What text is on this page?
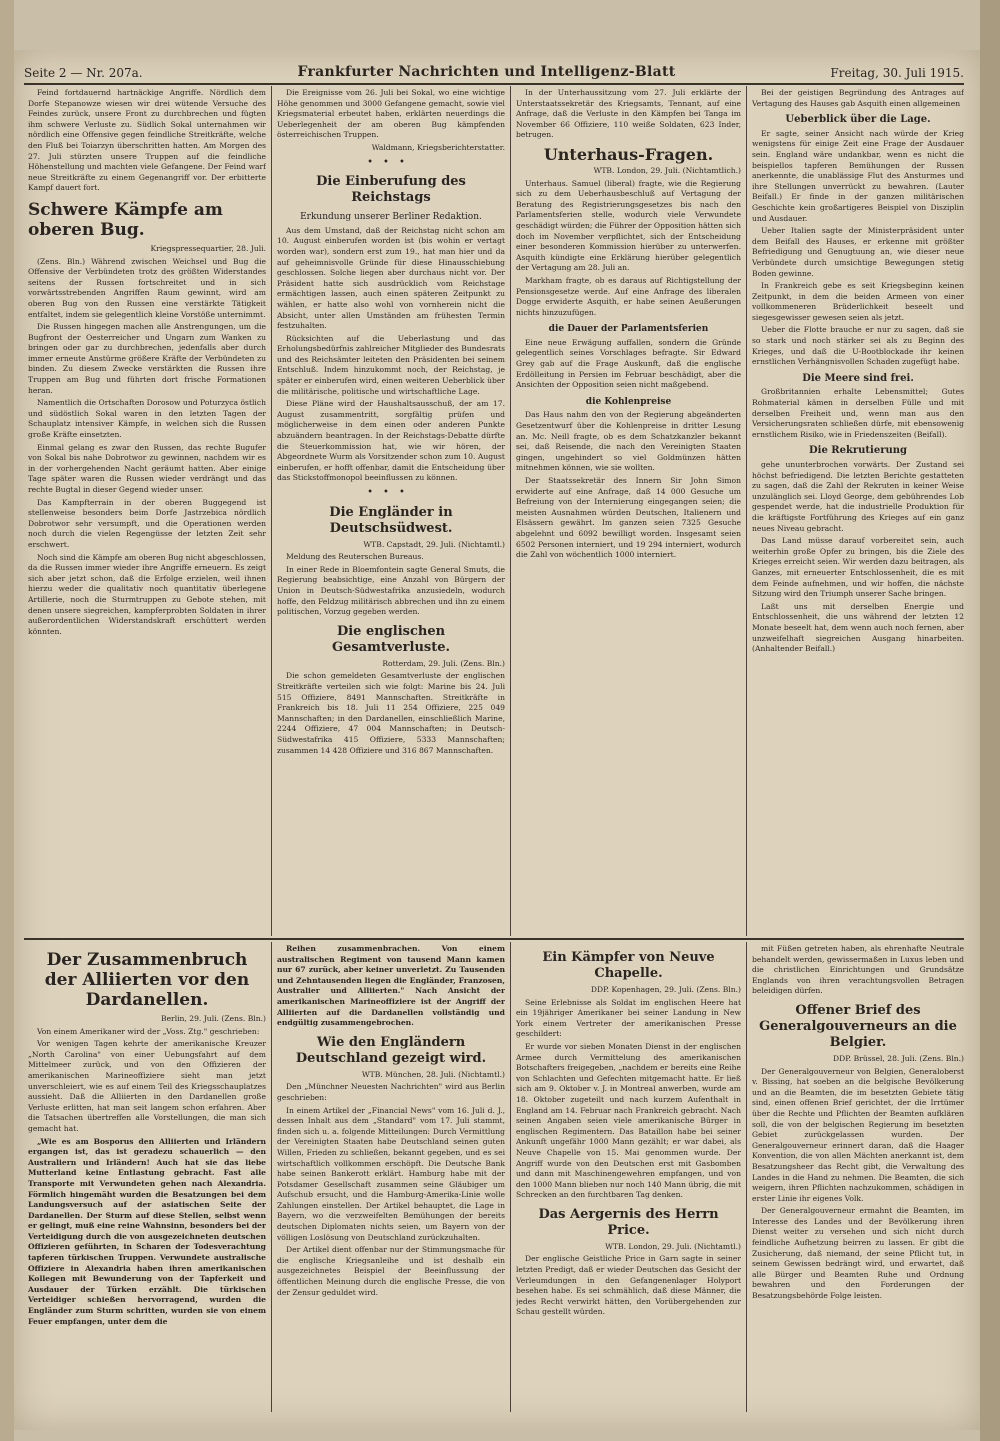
Seite 2 — Nr. 207a.	Frankfurter Nachrichten und Intelligenz-Blatt	Freitag, 30. Juli 1915.

Feind fortdauernd hartnäckige Angriffe. Nördlich dem Dorfe Stepanowze wiesen wir drei wütende Versuche des Feindes zurück, unsere Front zu durchbrechen und fügten ihm schwere Verluste zu. Südlich Sokal unternahmen wir nördlich eine Offensive gegen feindliche Streitkräfte, welche den Fluß bei Toiarzyn überschritten hatten. Am Morgen des 27. Juli stürzten unsere Truppen auf die feindliche Höhenstellung und machten viele Gefangene. Der Feind warf neue Streitkräfte zu einem Gegenangriff vor. Der erbitterte Kampf dauert fort.

Schwere Kämpfe am oberen Bug.
Kriegspressequartier, 28. Juli.

(Zens. Bln.) Während zwischen Weichsel und Bug die Offensive der Verbündeten trotz des größten Widerstandes seitens der Russen fortschreitet und in sich vorwärtsstrebenden Angriffen Raum gewinnt, wird am oberen Bug von den Russen eine verstärkte Tätigkeit entfaltet, indem sie gelegentlich kleine Vorstöße unternimmt.

Die Russen hingegen machen alle Anstrengungen, um die Bugfront der Oesterreicher und Ungarn zum Wanken zu bringen oder gar zu durchbrechen, jedenfalls aber durch immer erneute Anstürme größere Kräfte der Verbündeten zu binden. Zu diesem Zwecke verstärkten die Russen ihre Truppen am Bug und führten dort frische Formationen heran.

Namentlich die Ortschaften Dorosow und Poturzyca östlich und südöstlich Sokal waren in den letzten Tagen der Schauplatz intensiver Kämpfe, in welchen sich die Russen große Kräfte einsetzten.

Einmal gelang es zwar den Russen, das rechte Bugufer von Sokal bis nahe Dobrotwor zu gewinnen, nachdem wir es in der vorhergehenden Nacht geräumt hatten. Aber einige Tage später waren die Russen wieder verdrängt und das rechte Bugtal in dieser Gegend wieder unser.

Das Kampfterrain in der oberen Buggegend ist stellenweise besonders beim Dorfe Jastrzebica nördlich Dobrotwor sehr versumpft, und die Operationen werden noch durch die vielen Regengüsse der letzten Zeit sehr erschwert.

Noch sind die Kämpfe am oberen Bug nicht abgeschlossen, da die Russen immer wieder ihre Angriffe erneuern. Es zeigt sich aber jetzt schon, daß die Erfolge erzielen, weil ihnen hierzu weder die qualitativ noch quantitativ überlegene Artillerie, noch die Sturmtruppen zu Gebote stehen, mit denen unsere siegreichen, kampferprobten Soldaten in ihrer außerordentlichen Widerstandskraft erschüttert werden könnten.

Die Ereignisse vom 26. Juli bei Sokal, wo eine wichtige Höhe genommen und 3000 Gefangene gemacht, sowie viel Kriegsmaterial erbeutet haben, erklärten neuerdings die Ueberlegenheit der am oberen Bug kämpfenden österreichischen Truppen.

Waldmann, Kriegsberichterstatter.
•••
Die Einberufung des Reichstags
Erkundung unserer Berliner Redaktion.

Aus dem Umstand, daß der Reichstag nicht schon am 10. August einberufen worden ist (bis wohin er vertagt worden war), sondern erst zum 19., hat man hier und da auf geheimnisvolle Gründe für diese Hinausschiebung geschlossen. Solche liegen aber durchaus nicht vor. Der Präsident hatte sich ausdrücklich vom Reichstage ermächtigen lassen, auch einen späteren Zeitpunkt zu wählen, er hatte also wohl von vornherein nicht die Absicht, unter allen Umständen am frühesten Termin festzuhalten.

Rücksichten auf die Ueberlastung und das Erholungsbedürfnis zahlreicher Mitglieder des Bundesrats und des Reichsämter leiteten den Präsidenten bei seinem Entschluß. Indem hinzukommt noch, der Reichstag, je später er einberufen wird, einen weiteren Ueberblick über die militärische, politische und wirtschaftliche Lage.

Diese Pläne wird der Haushaltsausschuß, der am 17. August zusammentritt, sorgfältig prüfen und möglicherweise in dem einen oder anderen Punkte abzuändern beantragen. In der Reichstags-Debatte dürfte die Steuerkommission hat, wie wir hören, der Abgeordnete Wurm als Vorsitzender schon zum 10. August einberufen, er hofft offenbar, damit die Entscheidung über das Stickstoffmonopol beeinflussen zu können.

•••
Die Engländer in Deutschsüdwest.
WTB. Capstadt, 29. Juli. (Nichtamtl.)

Meldung des Reuterschen Bureaus.

In einer Rede in Bloemfontein sagte General Smuts, die Regierung beabsichtige, eine Anzahl von Bürgern der Union in Deutsch-Südwestafrika anzusiedeln, wodurch hoffe, den Feldzug militärisch abbrechen und ihn zu einem politischen, Vorzug gegeben werden.

Die englischen Gesamtverluste.
Rotterdam, 29. Juli. (Zens. Bln.)

Die schon gemeldeten Gesamtverluste der englischen Streitkräfte verteilen sich wie folgt: Marine bis 24. Juli 515 Offiziere, 8491 Mannschaften. Streitkräfte in Frankreich bis 18. Juli 11 254 Offiziere, 225 049 Mannschaften; in den Dardanellen, einschließlich Marine, 2244 Offiziere, 47 004 Mannschaften; in Deutsch-Südwestafrika 415 Offiziere, 5333 Mannschaften; zusammen 14 428 Offiziere und 316 867 Mannschaften.

In der Unterhaussitzung vom 27. Juli erklärte der Unterstaatssekretär des Kriegsamts, Tennant, auf eine Anfrage, daß die Verluste in den Kämpfen bei Tanga im November 66 Offiziere, 110 weiße Soldaten, 623 Inder, betrugen.

Unterhaus-Fragen.
WTB. London, 29. Juli. (Nichtamtlich.)

Unterhaus. Samuel (liberal) fragte, wie die Regierung sich zu dem Ueberhausbeschluß auf Vertagung der Beratung des Registrierungsgesetzes bis nach den Parlamentsferien stelle, wodurch viele Verwundete geschädigt würden; die Führer der Opposition hätten sich doch im November verpflichtet, sich der Entscheidung einer besonderen Kommission hierüber zu unterwerfen. Asquith kündigte eine Erklärung hierüber gelegentlich der Vertagung am 28. Juli an.

Markham fragte, ob es daraus auf Richtigstellung der Pensionsgesetze werde. Auf eine Anfrage des liberalen Dogge erwiderte Asquith, er habe seinen Aeußerungen nichts hinzuzufügen.

die Dauer der Parlamentsferien

Eine neue Erwägung auffallen, sondern die Gründe gelegentlich seines Vorschlages befragte. Sir Edward Grey gab auf die Frage Auskunft, daß die englische Erdölleitung in Persien im Februar beschädigt, aber die Ansichten der Opposition seien nicht maßgebend.

die Kohlenpreise

Das Haus nahm den von der Regierung abgeänderten Gesetzentwurf über die Kohlenpreise in dritter Lesung an. Mc. Neill fragte, ob es dem Schatzkanzler bekannt sei, daß Reisende, die nach den Vereinigten Staaten gingen, ungehindert so viel Goldmünzen hätten mitnehmen können, wie sie wollten.

Der Staatssekretär des Innern Sir John Simon erwiderte auf eine Anfrage, daß 14 000 Gesuche um Befreiung von der Internierung eingegangen seien; die meisten Ausnahmen würden Deutschen, Italienern und Elsässern gewährt. Im ganzen seien 7325 Gesuche abgelehnt und 6092 bewilligt worden. Insgesamt seien 6502 Personen interniert, und 19 294 interniert, wodurch die Zahl von wöchentlich 1000 interniert.

Bei der geistigen Begründung des Antrages auf Vertagung des Hauses gab Asquith einen allgemeinen

Ueberblick über die Lage.

Er sagte, seiner Ansicht nach würde der Krieg wenigstens für einige Zeit eine Frage der Ausdauer sein. England wäre undankbar, wenn es nicht die beispiellos tapferen Bemühungen der Russen anerkennte, die unablässige Flut des Ansturmes und ihre Stellungen unverrückt zu bewahren. (Lauter Beifall.) Er finde in der ganzen militärischen Geschichte kein großartigeres Beispiel von Disziplin und Ausdauer.

Ueber Italien sagte der Ministerpräsident unter dem Beifall des Hauses, er erkenne mit größter Befriedigung und Genugtuung an, wie dieser neue Verbündete durch umsichtige Bewegungen stetig Boden gewinne.

In Frankreich gebe es seit Kriegsbeginn keinen Zeitpunkt, in dem die beiden Armeen von einer vollkommeneren Brüderlichkeit beseelt und siegesgewisser gewesen seien als jetzt.

Ueber die Flotte brauche er nur zu sagen, daß sie so stark und noch stärker sei als zu Beginn des Krieges, und daß die U-Bootblockade ihr keinen ernstlichen Verhängnisvollen Schaden zugefügt habe.

Die Meere sind frei.

Großbritannien erhalte Lebensmittel; Gutes Rohmaterial kämen in derselben Fülle und mit derselben Freiheit und, wenn man aus den Versicherungsraten schließen dürfe, mit ebensowenig ernstlichem Risiko, wie in Friedenszeiten (Beifall).

Die Rekrutierung

gehe ununterbrochen vorwärts. Der Zustand sei höchst befriedigend. Die letzten Berichte gestatteten zu sagen, daß die Zahl der Rekruten in keiner Weise unzulänglich sei. Lloyd George, dem gebührendes Lob gespendet werde, hat die industrielle Produktion für die kräftigste Fortführung des Krieges auf ein ganz neues Niveau gebracht.

Das Land müsse darauf vorbereitet sein, auch weiterhin große Opfer zu bringen, bis die Ziele des Krieges erreicht seien. Wir werden dazu beitragen, als Ganzes, mit erneuerter Entschlossenheit, die es mit dem Feinde aufnehmen, und wir hoffen, die nächste Sitzung wird den Triumph unserer Sache bringen.

Laßt uns mit derselben Energie und Entschlossenheit, die uns während der letzten 12 Monate beseelt hat, dem wenn auch noch fernen, aber unzweifelhaft siegreichen Ausgang hinarbeiten. (Anhaltender Beifall.)

Der Zusammenbruch der Alliierten vor den Dardanellen.
Berlin, 29. Juli. (Zens. Bln.)

Von einem Amerikaner wird der „Voss. Ztg." geschrieben:

Vor wenigen Tagen kehrte der amerikanische Kreuzer „North Carolina" von einer Uebungsfahrt auf dem Mittelmeer zurück, und von den Offizieren der amerikanischen Marineoffiziere sieht man jetzt unverschleiert, wie es auf einem Teil des Kriegsschauplatzes aussieht. Daß die Alliierten in den Dardanellen große Verluste erlitten, hat man seit langem schon erfahren. Aber die Tatsachen übertreffen alle Vorstellungen, die man sich gemacht hat.

„Wie es am Bosporus den Alliierten und Irländern ergangen ist, das ist geradezu schauerlich — den Australiern und Irländern! Auch hat sie das liebe Mutterland keine Entlastung gebracht. Fast alle Transporte mit Verwundeten gehen nach Alexandria. Förmlich hingemäht wurden die Besatzungen bei dem Landungsversuch auf der asiatischen Seite der Dardanellen. Der Sturm auf diese Stellen, selbst wenn er gelingt, muß eine reine Wahnsinn, besonders bei der Verteidigung durch die von ausgezeichneten deutschen Offizieren geführten, in Scharen der Todesverachtung tapferen türkischen Truppen. Verwundete australische Offiziere in Alexandria haben ihren amerikanischen Kollegen mit Bewunderung von der Tapferkeit und Ausdauer der Türken erzählt. Die türkischen Verteidiger schießen hervorragend, wurden die Engländer zum Sturm schritten, wurden sie von einem Feuer empfangen, unter dem die

Reihen zusammenbrachen. Von einem australischen Regiment von tausend Mann kamen nur 67 zurück, aber keiner unverletzt. Zu Tausenden und Zehntausenden liegen die Engländer, Franzosen, Australier und Alliierten." Nach Ansicht der amerikanischen Marineoffiziere ist der Angriff der Alliierten auf die Dardanellen vollständig und endgültig zusammengebrochen.

Wie den Engländern Deutschland gezeigt wird.
WTB. München, 28. Juli. (Nichtamtl.)

Den „Münchner Neuesten Nachrichten" wird aus Berlin geschrieben:

In einem Artikel der „Financial News" vom 16. Juli d. J., dessen Inhalt aus dem „Standard" vom 17. Juli stammt, finden sich u. a. folgende Mitteilungen: Durch Vermittlung der Vereinigten Staaten habe Deutschland seinen guten Willen, Frieden zu schließen, bekannt gegeben, und es sei wirtschaftlich vollkommen erschöpft. Die Deutsche Bank habe seinen Bankerott erklärt. Hamburg habe mit der Potsdamer Gesellschaft zusammen seine Gläubiger um Aufschub ersucht, und die Hamburg-Amerika-Linie wolle Zahlungen einstellen. Der Artikel behauptet, die Lage in Bayern, wo die verzweifelten Bemühungen der bereits deutschen Diplomaten nichts seien, um Bayern von der völligen Loslösung von Deutschland zurückzuhalten.

Der Artikel dient offenbar nur der Stimmungsmache für die englische Kriegsanleihe und ist deshalb ein ausgezeichnetes Beispiel der Beeinflussung der öffentlichen Meinung durch die englische Presse, die von der Zensur geduldet wird.

Ein Kämpfer von Neuve Chapelle.
DDP. Kopenhagen, 29. Juli. (Zens. Bln.)

Seine Erlebnisse als Soldat im englischen Heere hat ein 19jähriger Amerikaner bei seiner Landung in New York einem Vertreter der amerikanischen Presse geschildert:

Er wurde vor sieben Monaten Dienst in der englischen Armee durch Vermittelung des amerikanischen Botschafters freigegeben, „nachdem er bereits eine Reihe von Schlachten und Gefechten mitgemacht hatte. Er ließ sich am 9. Oktober v. J. in Montreal anwerben, wurde am 18. Oktober zugeteilt und nach kurzem Aufenthalt in England am 14. Februar nach Frankreich gebracht. Nach seinen Angaben seien viele amerikanische Bürger in englischen Regimentern. Das Bataillon habe bei seiner Ankunft ungefähr 1000 Mann gezählt; er war dabei, als Neuve Chapelle von 15. Mai genommen wurde. Der Angriff wurde von den Deutschen erst mit Gasbomben und dann mit Maschinengewehren empfangen, und von den 1000 Mann blieben nur noch 140 Mann übrig, die mit Schrecken an den furchtbaren Tag denken.

Das Aergernis des Herrn Price.
WTB. London, 29. Juli. (Nichtamtl.)

Der englische Geistliche Price in Garn sagte in seiner letzten Predigt, daß er wieder Deutschen das Gesicht der Verleumdungen in den Gefangenenlager Holyport besehen habe. Es sei schmählich, daß diese Männer, die jedes Recht verwirkt hätten, den Vorübergehenden zur Schau gestellt würden.

mit Füßen getreten haben, als ehrenhafte Neutrale behandelt werden, gewissermaßen in Luxus leben und die christlichen Einrichtungen und Grundsätze Englands von ihren verachtungsvollen Betragen beleidigen dürfen.

Offener Brief des Generalgouverneurs an die Belgier.
DDP. Brüssel, 28. Juli. (Zens. Bln.)

Der Generalgouverneur von Belgien, Generaloberst v. Bissing, hat soeben an die belgische Bevölkerung und an die Beamten, die im besetzten Gebiete tätig sind, einen offenen Brief gerichtet, der die Irrtümer über die Rechte und Pflichten der Beamten aufklären soll, die von der belgischen Regierung im besetzten Gebiet zurückgelassen wurden. Der Generalgouverneur erinnert daran, daß die Haager Konvention, die von allen Mächten anerkannt ist, dem Besatzungsheer das Recht gibt, die Verwaltung des Landes in die Hand zu nehmen. Die Beamten, die sich weigern, ihren Pflichten nachzukommen, schädigen in erster Linie ihr eigenes Volk.

Der Generalgouverneur ermahnt die Beamten, im Interesse des Landes und der Bevölkerung ihren Dienst weiter zu versehen und sich nicht durch feindliche Aufhetzung beirren zu lassen. Er gibt die Zusicherung, daß niemand, der seine Pflicht tut, in seinem Gewissen bedrängt wird, und erwartet, daß alle Bürger und Beamten Ruhe und Ordnung bewahren und den Forderungen der Besatzungsbehörde Folge leisten.
